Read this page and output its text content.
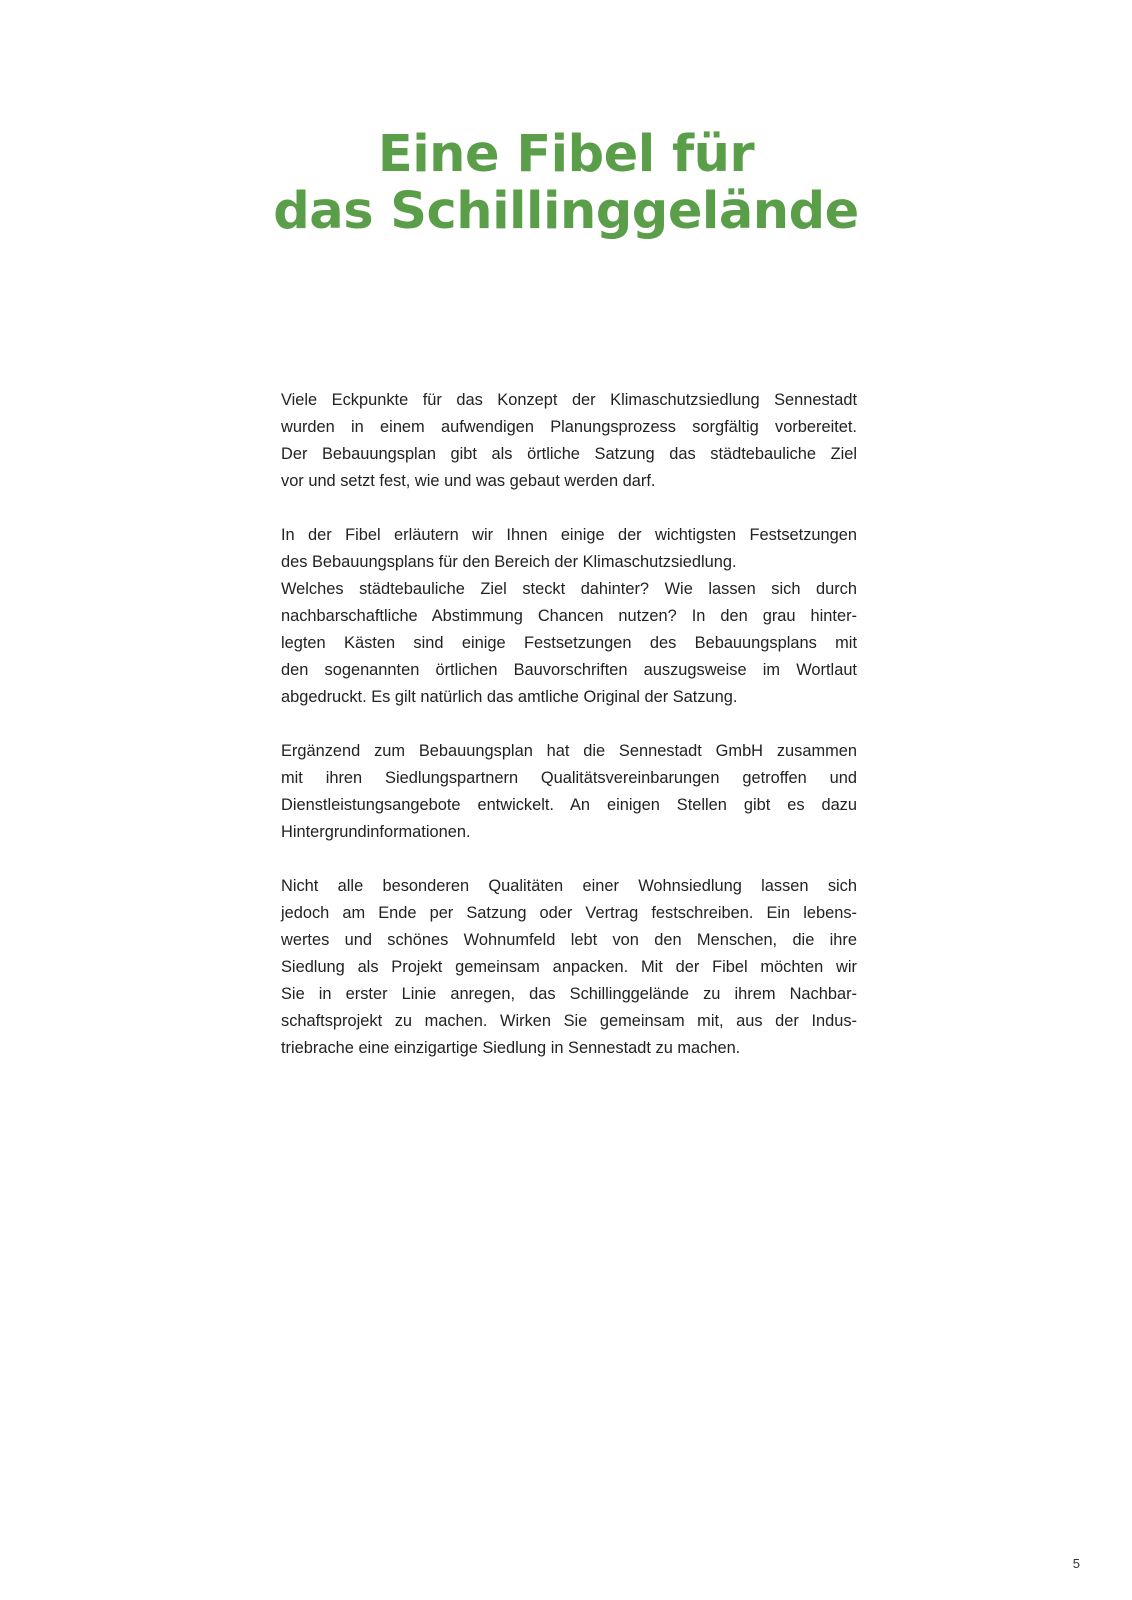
Eine Fibel für
das Schillinggelände

Viele Eckpunkte für das Konzept der Klimaschutzsiedlung Sennestadt
wurden in einem aufwendigen Planungsprozess sorgfältig vorbereitet.
Der Bebauungsplan gibt als örtliche Satzung das städtebauliche Ziel
vor und setzt fest, wie und was gebaut werden darf.

In der Fibel erläutern wir Ihnen einige der wichtigsten Festsetzungen
des Bebauungsplans für den Bereich der Klimaschutzsiedlung.
Welches städtebauliche Ziel steckt dahinter? Wie lassen sich durch
nachbarschaftliche Abstimmung Chancen nutzen? In den grau hinter-
legten Kästen sind einige Festsetzungen des Bebauungsplans mit
den sogenannten örtlichen Bauvorschriften auszugsweise im Wortlaut
abgedruckt. Es gilt natürlich das amtliche Original der Satzung.

Ergänzend zum Bebauungsplan hat die Sennestadt GmbH zusammen
mit ihren Siedlungspartnern Qualitätsvereinbarungen getroffen und
Dienstleistungsangebote entwickelt. An einigen Stellen gibt es dazu
Hintergrundinformationen.

Nicht alle besonderen Qualitäten einer Wohnsiedlung lassen sich
jedoch am Ende per Satzung oder Vertrag festschreiben. Ein lebens-
wertes und schönes Wohnumfeld lebt von den Menschen, die ihre
Siedlung als Projekt gemeinsam anpacken. Mit der Fibel möchten wir
Sie in erster Linie anregen, das Schillinggelände zu ihrem Nachbar-
schaftsprojekt zu machen. Wirken Sie gemeinsam mit, aus der Indus-
triebrache eine einzigartige Siedlung in Sennestadt zu machen.

5
